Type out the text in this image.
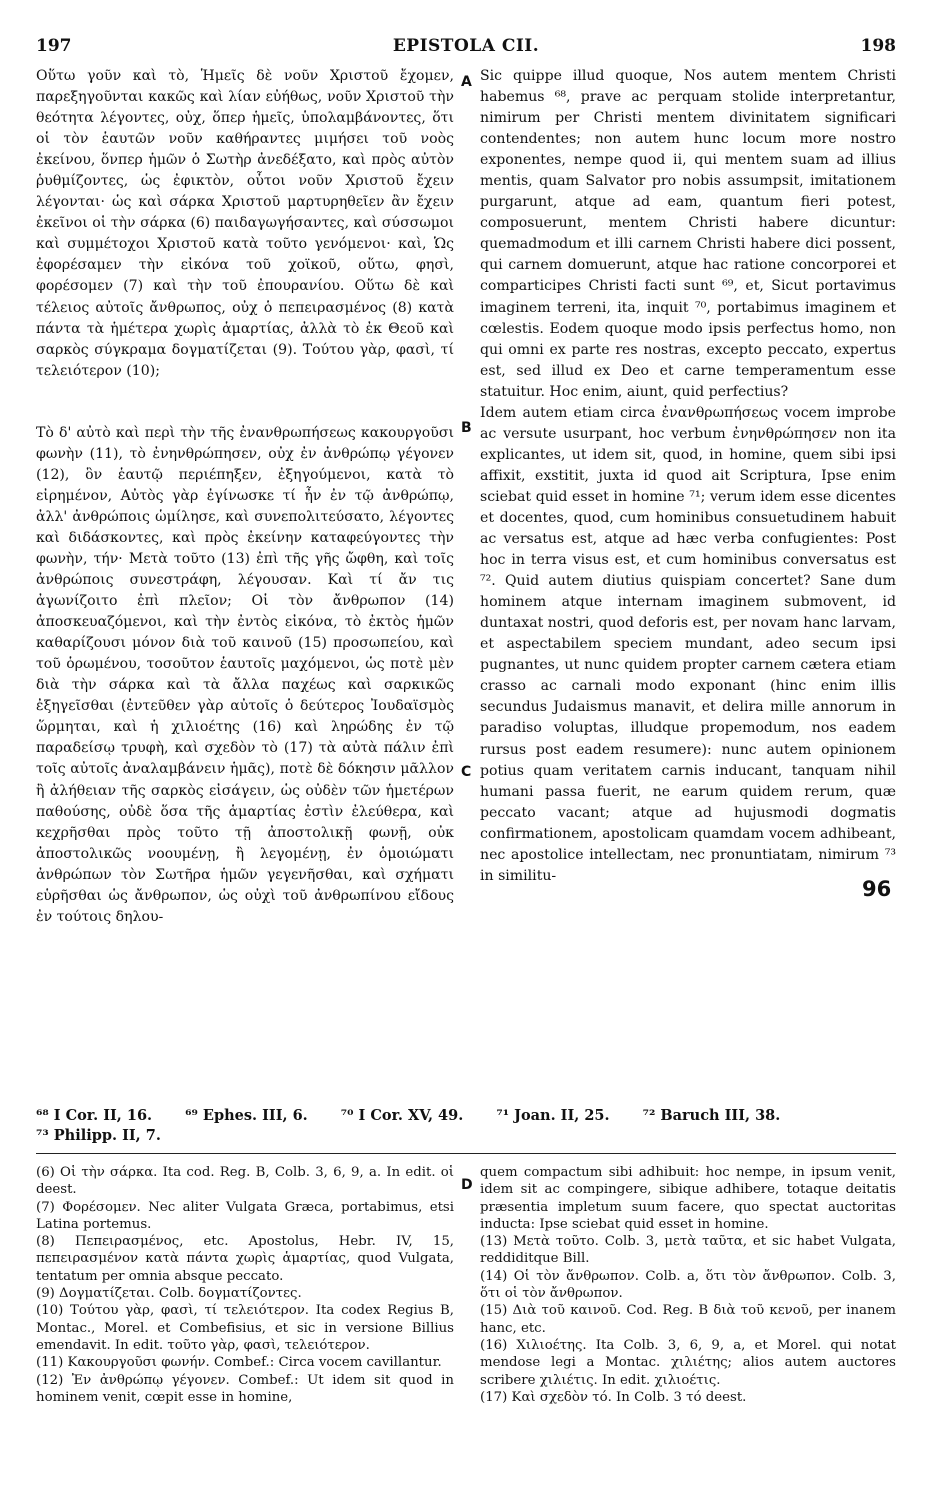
197	EPISTOLA CII.	198

Οὕτω γοῦν καὶ τὸ, Ἡμεῖς δὲ νοῦν Χριστοῦ ἔχομεν, παρεξηγοῦνται κακῶς καὶ λίαν εὐήθως, νοῦν Χριστοῦ τὴν θεότητα λέγοντες, οὐχ, ὅπερ ἡμεῖς, ὑπολαμβάνοντες, ὅτι οἱ τὸν ἑαυτῶν νοῦν καθήραντες μιμήσει τοῦ νοὸς ἐκείνου, ὅνπερ ἡμῶν ὁ Σωτὴρ ἀνεδέξατο, καὶ πρὸς αὐτὸν ῥυθμίζοντες, ὡς ἐφικτὸν, οὗτοι νοῦν Χριστοῦ ἔχειν λέγονται· ὡς καὶ σάρκα Χριστοῦ μαρτυρηθεῖεν ἂν ἔχειν ἐκεῖνοι οἱ τὴν σάρκα (6) παιδαγωγήσαντες, καὶ σύσσωμοι καὶ συμμέτοχοι Χριστοῦ κατὰ τοῦτο γενόμενοι· καὶ, Ὡς ἐφορέσαμεν τὴν εἰκόνα τοῦ χοϊκοῦ, οὕτω, φησὶ, φορέσομεν (7) καὶ τὴν τοῦ ἐπουρανίου. Οὕτω δὲ καὶ τέλειος αὐτοῖς ἄνθρωπος, οὐχ ὁ πεπειρασμένος (8) κατὰ πάντα τὰ ἡμέτερα χωρὶς ἁμαρτίας, ἀλλὰ τὸ ἐκ Θεοῦ καὶ σαρκὸς σύγκραμα δογματίζεται (9). Τούτου γὰρ, φασὶ, τί τελειότερον (10);

Τὸ δ' αὐτὸ καὶ περὶ τὴν τῆς ἐνανθρωπήσεως κακουργοῦσι φωνὴν (11), τὸ ἐνηνθρώπησεν, οὐχ ἐν ἀνθρώπῳ γέγονεν (12), ὃν ἑαυτῷ περιέπηξεν, ἐξηγούμενοι, κατὰ τὸ εἰρημένον, Αὐτὸς γὰρ ἐγίνωσκε τί ἦν ἐν τῷ ἀνθρώπῳ, ἀλλ' ἀνθρώποις ὡμίλησε, καὶ συνεπολιτεύσατο, λέγοντες καὶ διδάσκοντες, καὶ πρὸς ἐκείνην καταφεύγοντες τὴν φωνὴν, τήν· Μετὰ τοῦτο (13) ἐπὶ τῆς γῆς ὤφθη, καὶ τοῖς ἀνθρώποις συνεστράφη, λέγουσαν. Καὶ τί ἄν τις ἀγωνίζοιτο ἐπὶ πλεῖον; Οἱ τὸν ἄνθρωπον (14) ἀποσκευαζόμενοι, καὶ τὴν ἐντὸς εἰκόνα, τὸ ἐκτὸς ἡμῶν καθαρίζουσι μόνον διὰ τοῦ καινοῦ (15) προσωπείου, καὶ τοῦ ὁρωμένου, τοσοῦτον ἑαυτοῖς μαχόμενοι, ὡς ποτὲ μὲν διὰ τὴν σάρκα καὶ τὰ ἄλλα παχέως καὶ σαρκικῶς ἐξηγεῖσθαι (ἐντεῦθεν γὰρ αὐτοῖς ὁ δεύτερος Ἰουδαϊσμὸς ὥρμηται, καὶ ἡ χιλιοέτης (16) καὶ ληρώδης ἐν τῷ παραδείσῳ τρυφὴ, καὶ σχεδὸν τὸ (17) τὰ αὐτὰ πάλιν ἐπὶ τοῖς αὐτοῖς ἀναλαμβάνειν ἡμᾶς), ποτὲ δὲ δόκησιν μᾶλλον ἢ ἀλήθειαν τῆς σαρκὸς εἰσάγειν, ὡς οὐδὲν τῶν ἡμετέρων παθούσης, οὐδὲ ὅσα τῆς ἁμαρτίας ἐστὶν ἐλεύθερα, καὶ κεχρῆσθαι πρὸς τοῦτο τῇ ἀποστολικῇ φωνῇ, οὐκ ἀποστολικῶς νοουμένῃ, ἢ λεγομένῃ, ἐν ὁμοιώματι ἀνθρώπων τὸν Σωτῆρα ἡμῶν γεγενῆσθαι, καὶ σχήματι εὑρῆσθαι ὡς ἄνθρωπον, ὡς οὐχὶ τοῦ ἀνθρωπίνου εἴδους ἐν τούτοις δηλου-

A
B
C
D

Sic quippe illud quoque, Nos autem mentem Christi habemus ⁶⁸, prave ac perquam stolide interpretantur, nimirum per Christi mentem divinitatem significari contendentes; non autem hunc locum more nostro exponentes, nempe quod ii, qui mentem suam ad illius mentis, quam Salvator pro nobis assumpsit, imitationem purgarunt, atque ad eam, quantum fieri potest, composuerunt, mentem Christi habere dicuntur: quemadmodum et illi carnem Christi habere dici possent, qui carnem domuerunt, atque hac ratione concorporei et comparticipes Christi facti sunt ⁶⁹, et, Sicut portavimus imaginem terreni, ita, inquit ⁷⁰, portabimus imaginem et cœlestis. Eodem quoque modo ipsis perfectus homo, non qui omni ex parte res nostras, excepto peccato, expertus est, sed illud ex Deo et carne temperamentum esse statuitur. Hoc enim, aiunt, quid perfectius?

Idem autem etiam circa ἐνανθρωπήσεως vocem improbe ac versute usurpant, hoc verbum ἐνηνθρώπησεν non ita explicantes, ut idem sit, quod, in homine, quem sibi ipsi affixit, exstitit, juxta id quod ait Scriptura, Ipse enim sciebat quid esset in homine ⁷¹; verum idem esse dicentes et docentes, quod, cum hominibus consuetudinem habuit ac versatus est, atque ad hæc verba confugientes: Post hoc in terra visus est, et cum hominibus conversatus est ⁷². Quid autem diutius quispiam concertet? Sane dum hominem atque internam imaginem submovent, id duntaxat nostri, quod deforis est, per novam hanc larvam, et aspectabilem speciem mundant, adeo secum ipsi pugnantes, ut nunc quidem propter carnem cætera etiam crasso ac carnali modo exponant (hinc enim illis secundus Judaismus manavit, et delira mille annorum in paradiso voluptas, illudque propemodum, nos eadem rursus post eadem resumere): nunc autem opinionem potius quam veritatem carnis inducant, tanquam nihil humani passa fuerit, ne earum quidem rerum, quæ peccato vacant; atque ad hujusmodi dogmatis confirmationem, apostolicam quamdam vocem adhibeant, nec apostolice intellectam, nec pronuntiatam, nimirum ⁷³ in similitu-

96
⁶⁸ I Cor. II, 16. ⁶⁹ Ephes. III, 6. ⁷⁰ I Cor. XV, 49. ⁷¹ Joan. II, 25. ⁷² Baruch III, 38.
⁷³ Philipp. II, 7.

(6) Οἱ τὴν σάρκα. Ita cod. Reg. B, Colb. 3, 6, 9, a. In edit. οἱ deest.

(7) Φορέσομεν. Nec aliter Vulgata Græca, portabimus, etsi Latina portemus.

(8) Πεπειρασμένος, etc. Apostolus, Hebr. IV, 15, πεπειρασμένον κατὰ πάντα χωρὶς ἁμαρτίας, quod Vulgata, tentatum per omnia absque peccato.

(9) Δογματίζεται. Colb. δογματίζοντες.

(10) Τούτου γὰρ, φασὶ, τί τελειότερον. Ita codex Regius B, Montac., Morel. et Combefisius, et sic in versione Billius emendavit. In edit. τοῦτο γὰρ, φασὶ, τελειότερον.

(11) Κακουργοῦσι φωνήν. Combef.: Circa vocem cavillantur.

(12) Ἐν ἀνθρώπῳ γέγονεν. Combef.: Ut idem sit quod in hominem venit, cœpit esse in homine,

quem compactum sibi adhibuit: hoc nempe, in ipsum venit, idem sit ac compingere, sibique adhibere, totaque deitatis præsentia impletum suum facere, quo spectat auctoritas inducta: Ipse sciebat quid esset in homine.

(13) Μετὰ τοῦτο. Colb. 3, μετὰ ταῦτα, et sic habet Vulgata, reddiditque Bill.

(14) Οἱ τὸν ἄνθρωπον. Colb. a, ὅτι τὸν ἄνθρωπον. Colb. 3, ὅτι οἱ τὸν ἄνθρωπον.

(15) Διὰ τοῦ καινοῦ. Cod. Reg. B διὰ τοῦ κενοῦ, per inanem hanc, etc.

(16) Χιλιοέτης. Ita Colb. 3, 6, 9, a, et Morel. qui notat mendose legi a Montac. χιλιέτης; alios autem auctores scribere χιλιέτις. In edit. χιλιοέτις.

(17) Καὶ σχεδὸν τό. In Colb. 3 τό deest.
